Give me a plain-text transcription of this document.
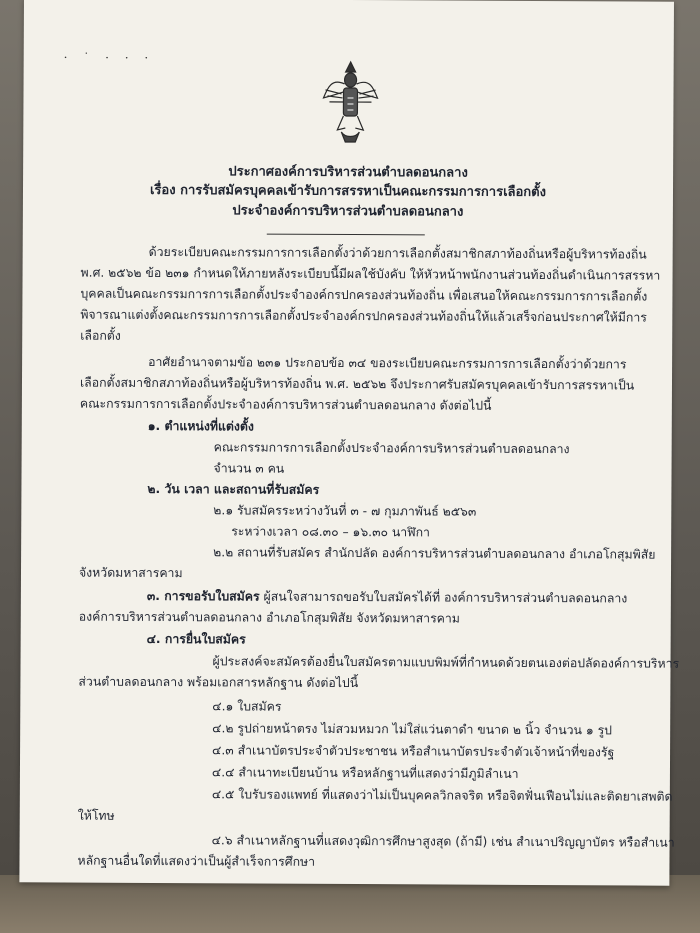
· ˙ · · ·
ประกาศองค์การบริหารส่วนตำบลดอนกลาง
เรื่อง การรับสมัครบุคคลเข้ารับการสรรหาเป็นคณะกรรมการการเลือกตั้ง
ประจำองค์การบริหารส่วนตำบลดอนกลาง
ด้วยระเบียบคณะกรรมการการเลือกตั้งว่าด้วยการเลือกตั้งสมาชิกสภาท้องถิ่นหรือผู้บริหารท้องถิ่น
พ.ศ. ๒๕๖๒ ข้อ ๒๓๑ กำหนดให้ภายหลังระเบียบนี้มีผลใช้บังคับ ให้หัวหน้าพนักงานส่วนท้องถิ่นดำเนินการสรรหา
บุคคลเป็นคณะกรรมการการเลือกตั้งประจำองค์กรปกครองส่วนท้องถิ่น เพื่อเสนอให้คณะกรรมการการเลือกตั้ง
พิจารณาแต่งตั้งคณะกรรมการการเลือกตั้งประจำองค์กรปกครองส่วนท้องถิ่นให้แล้วเสร็จก่อนประกาศให้มีการ
เลือกตั้ง
อาศัยอำนาจตามข้อ ๒๓๑ ประกอบข้อ ๓๔ ของระเบียบคณะกรรมการการเลือกตั้งว่าด้วยการ
เลือกตั้งสมาชิกสภาท้องถิ่นหรือผู้บริหารท้องถิ่น พ.ศ. ๒๕๖๒ จึงประกาศรับสมัครบุคคลเข้ารับการสรรหาเป็น
คณะกรรมการการเลือกตั้งประจำองค์การบริหารส่วนตำบลดอนกลาง ดังต่อไปนี้
๑. ตำแหน่งที่แต่งตั้ง
คณะกรรมการการเลือกตั้งประจำองค์การบริหารส่วนตำบลดอนกลาง
จำนวน ๓ คน
๒. วัน เวลา และสถานที่รับสมัคร
๒.๑ รับสมัครระหว่างวันที่ ๓ - ๗ กุมภาพันธ์ ๒๕๖๓
ระหว่างเวลา ๐๘.๓๐ – ๑๖.๓๐ นาฬิกา
๒.๒ สถานที่รับสมัคร สำนักปลัด องค์การบริหารส่วนตำบลดอนกลาง อำเภอโกสุมพิสัย
จังหวัดมหาสารคาม
๓. การขอรับใบสมัคร ผู้สนใจสามารถขอรับใบสมัครได้ที่ องค์การบริหารส่วนตำบลดอนกลาง
องค์การบริหารส่วนตำบลดอนกลาง อำเภอโกสุมพิสัย จังหวัดมหาสารคาม
๔. การยื่นใบสมัคร
ผู้ประสงค์จะสมัครต้องยื่นใบสมัครตามแบบพิมพ์ที่กำหนดด้วยตนเองต่อปลัดองค์การบริหาร
ส่วนตำบลดอนกลาง พร้อมเอกสารหลักฐาน ดังต่อไปนี้
๔.๑ ใบสมัคร
๔.๒ รูปถ่ายหน้าตรง ไม่สวมหมวก ไม่ใส่แว่นตาดำ ขนาด ๒ นิ้ว จำนวน ๑ รูป
๔.๓ สำเนาบัตรประจำตัวประชาชน หรือสำเนาบัตรประจำตัวเจ้าหน้าที่ของรัฐ
๔.๔ สำเนาทะเบียนบ้าน หรือหลักฐานที่แสดงว่ามีภูมิลำเนา
๔.๕ ใบรับรองแพทย์ ที่แสดงว่าไม่เป็นบุคคลวิกลจริต หรือจิตฟั่นเฟือนไม่และติดยาเสพติด
ให้โทษ
๔.๖ สำเนาหลักฐานที่แสดงวุฒิการศึกษาสูงสุด (ถ้ามี) เช่น สำเนาปริญญาบัตร หรือสำเนา
หลักฐานอื่นใดที่แสดงว่าเป็นผู้สำเร็จการศึกษา
